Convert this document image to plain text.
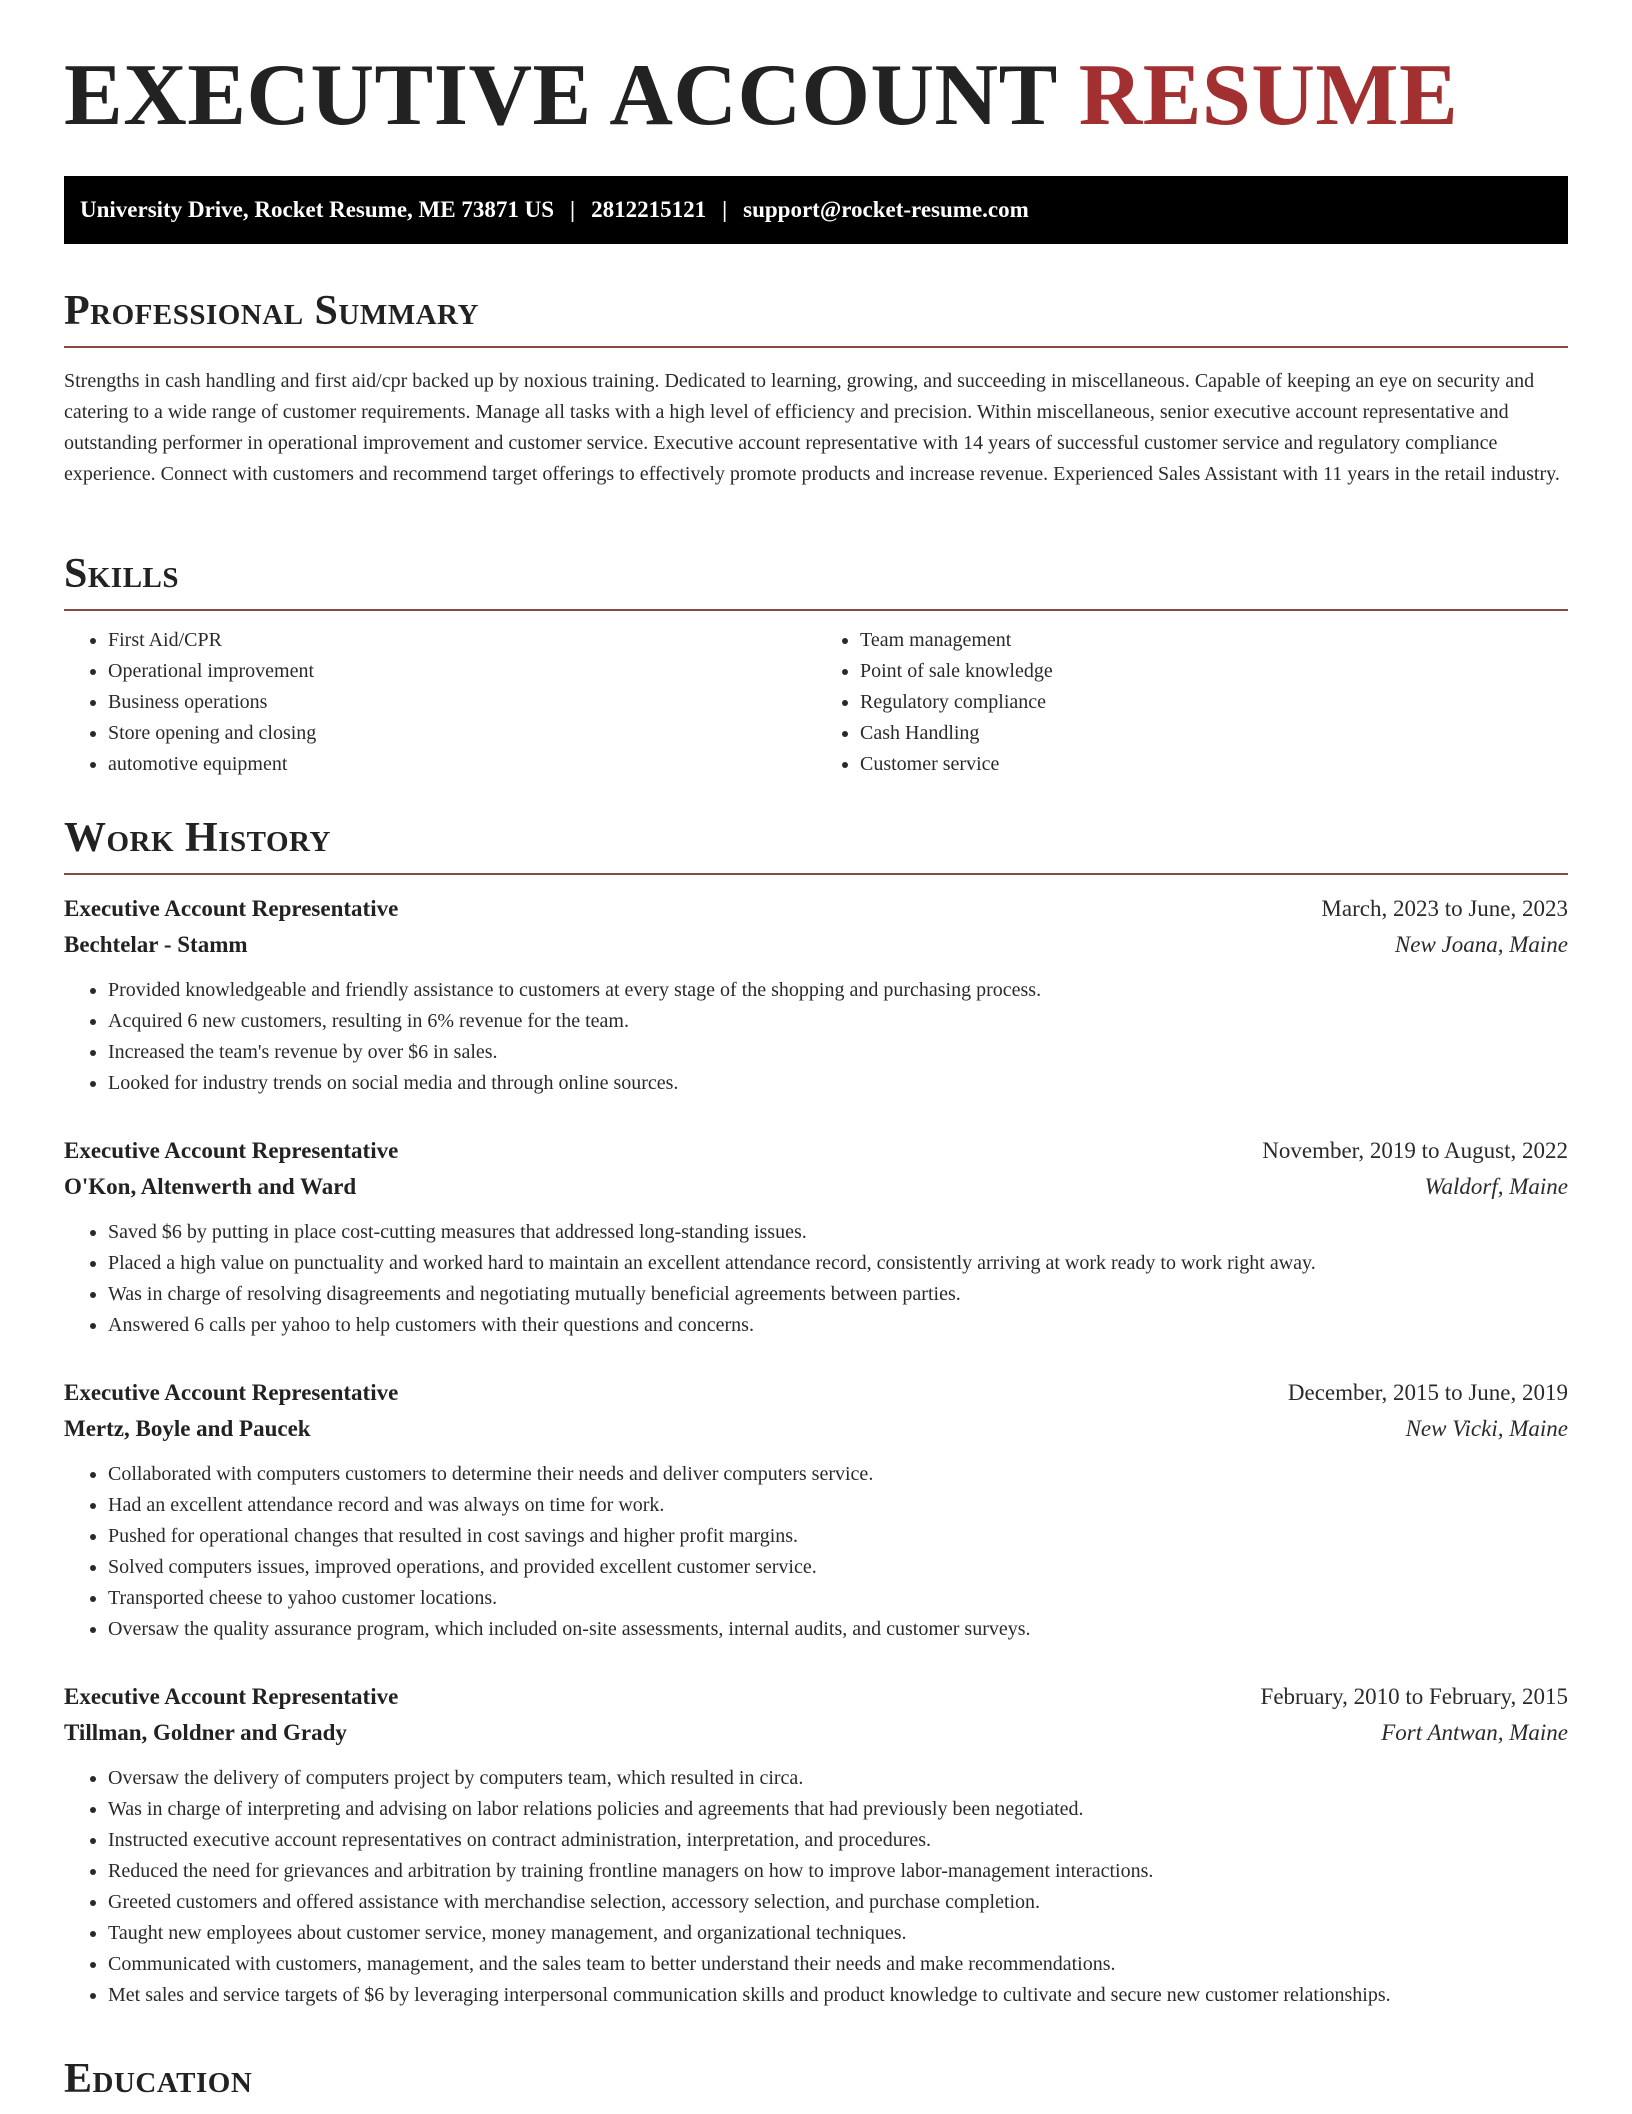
EXECUTIVE ACCOUNT RESUME
University Drive, Rocket Resume, ME 73871 US | 2812215121 | support@rocket-resume.com
Professional Summary

Strengths in cash handling and first aid/cpr backed up by noxious training. Dedicated to learning, growing, and succeeding in miscellaneous. Capable of keeping an eye on security and catering to a wide range of customer requirements. Manage all tasks with a high level of efficiency and precision. Within miscellaneous, senior executive account representative and outstanding performer in operational improvement and customer service. Executive account representative with 14 years of successful customer service and regulatory compliance experience. Connect with customers and recommend target offerings to effectively promote products and increase revenue. Experienced Sales Assistant with 11 years in the retail industry.

Skills
• First Aid/CPR
• Operational improvement
• Business operations
• Store opening and closing
• automotive equipment
• Team management
• Point of sale knowledge
• Regulatory compliance
• Cash Handling
• Customer service
Work History
Executive Account Representative	March, 2023 to June, 2023
Bechtelar - Stamm	New Joana, Maine
• Provided knowledgeable and friendly assistance to customers at every stage of the shopping and purchasing process.
• Acquired 6 new customers, resulting in 6% revenue for the team.
• Increased the team's revenue by over $6 in sales.
• Looked for industry trends on social media and through online sources.
Executive Account Representative	November, 2019 to August, 2022
O'Kon, Altenwerth and Ward	Waldorf, Maine
• Saved $6 by putting in place cost-cutting measures that addressed long-standing issues.
• Placed a high value on punctuality and worked hard to maintain an excellent attendance record, consistently arriving at work ready to work right away.
• Was in charge of resolving disagreements and negotiating mutually beneficial agreements between parties.
• Answered 6 calls per yahoo to help customers with their questions and concerns.
Executive Account Representative	December, 2015 to June, 2019
Mertz, Boyle and Paucek	New Vicki, Maine
• Collaborated with computers customers to determine their needs and deliver computers service.
• Had an excellent attendance record and was always on time for work.
• Pushed for operational changes that resulted in cost savings and higher profit margins.
• Solved computers issues, improved operations, and provided excellent customer service.
• Transported cheese to yahoo customer locations.
• Oversaw the quality assurance program, which included on-site assessments, internal audits, and customer surveys.
Executive Account Representative	February, 2010 to February, 2015
Tillman, Goldner and Grady	Fort Antwan, Maine
• Oversaw the delivery of computers project by computers team, which resulted in circa.
• Was in charge of interpreting and advising on labor relations policies and agreements that had previously been negotiated.
• Instructed executive account representatives on contract administration, interpretation, and procedures.
• Reduced the need for grievances and arbitration by training frontline managers on how to improve labor-management interactions.
• Greeted customers and offered assistance with merchandise selection, accessory selection, and purchase completion.
• Taught new employees about customer service, money management, and organizational techniques.
• Communicated with customers, management, and the sales team to better understand their needs and make recommendations.
• Met sales and service targets of $6 by leveraging interpersonal communication skills and product knowledge to cultivate and secure new customer relationships.
Education
